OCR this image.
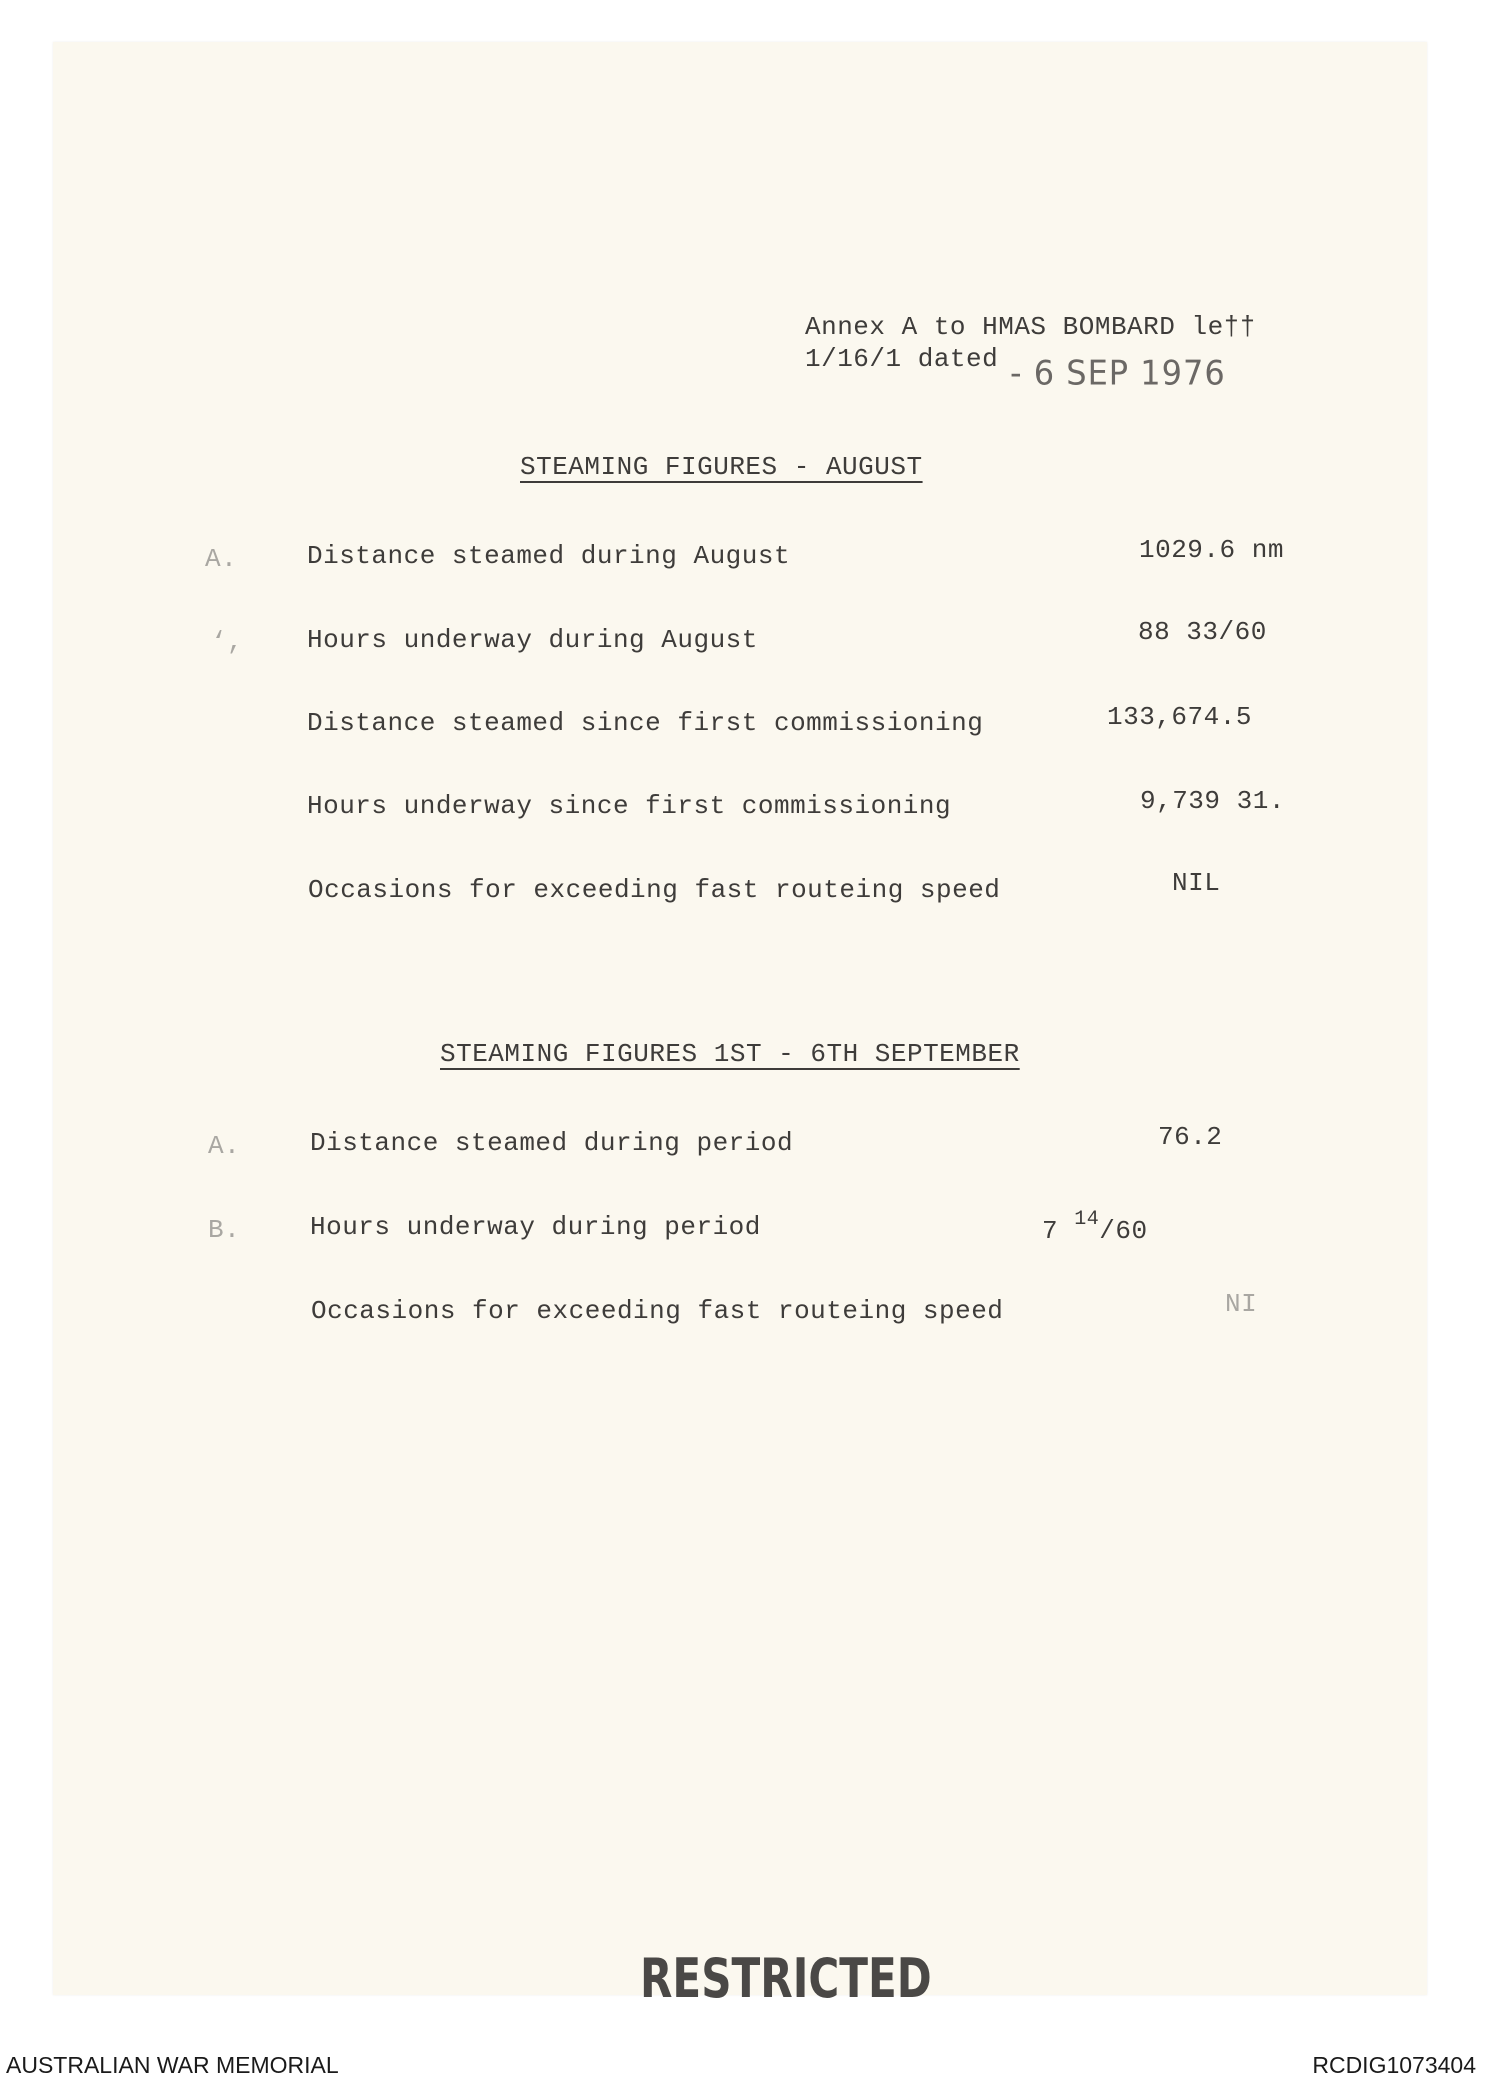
Annex A to HMAS BOMBARD le††
1/16/1 dated - 6 SEP 1976
STEAMING FIGURES - AUGUST
A.	Distance steamed during August	1029.6 nm
‘, Hours underway during August	88 33/60
Distance steamed since first commissioning	133,674.5
Hours underway since first commissioning	9,739 31.
Occasions for exceeding fast routeing speed	NIL
STEAMING FIGURES 1ST - 6TH SEPTEMBER
A.	Distance steamed during period	76.2
B.	Hours underway during period	7 $^{14}$/60
Occasions for exceeding fast routeing speed	NI
RESTRICTED
AUSTRALIAN WAR MEMORIAL	RCDIG1073404
